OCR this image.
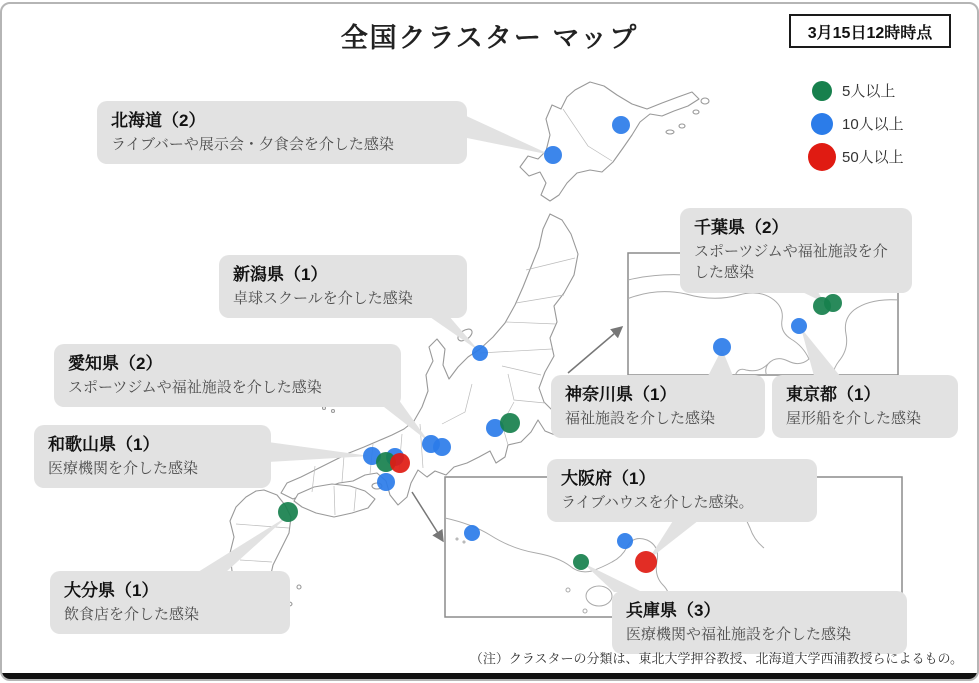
全国クラスター マップ	3月15日12時時点
5人以上
10人以上
50人以上
北海道（2）
ライブバーや展示会・夕食会を介した感染
新潟県（1）
卓球スクールを介した感染
愛知県（2）
スポーツジムや福祉施設を介した感染
和歌山県（1）
医療機関を介した感染
大分県（1）
飲食店を介した感染
千葉県（2）
スポーツジムや福祉施設を介した感染
神奈川県（1）
福祉施設を介した感染
東京都（1）
屋形船を介した感染
大阪府（1）
ライブハウスを介した感染。
兵庫県（3）
医療機関や福祉施設を介した感染
（注）クラスターの分類は、東北大学押谷教授、北海道大学西浦教授らによるもの。
